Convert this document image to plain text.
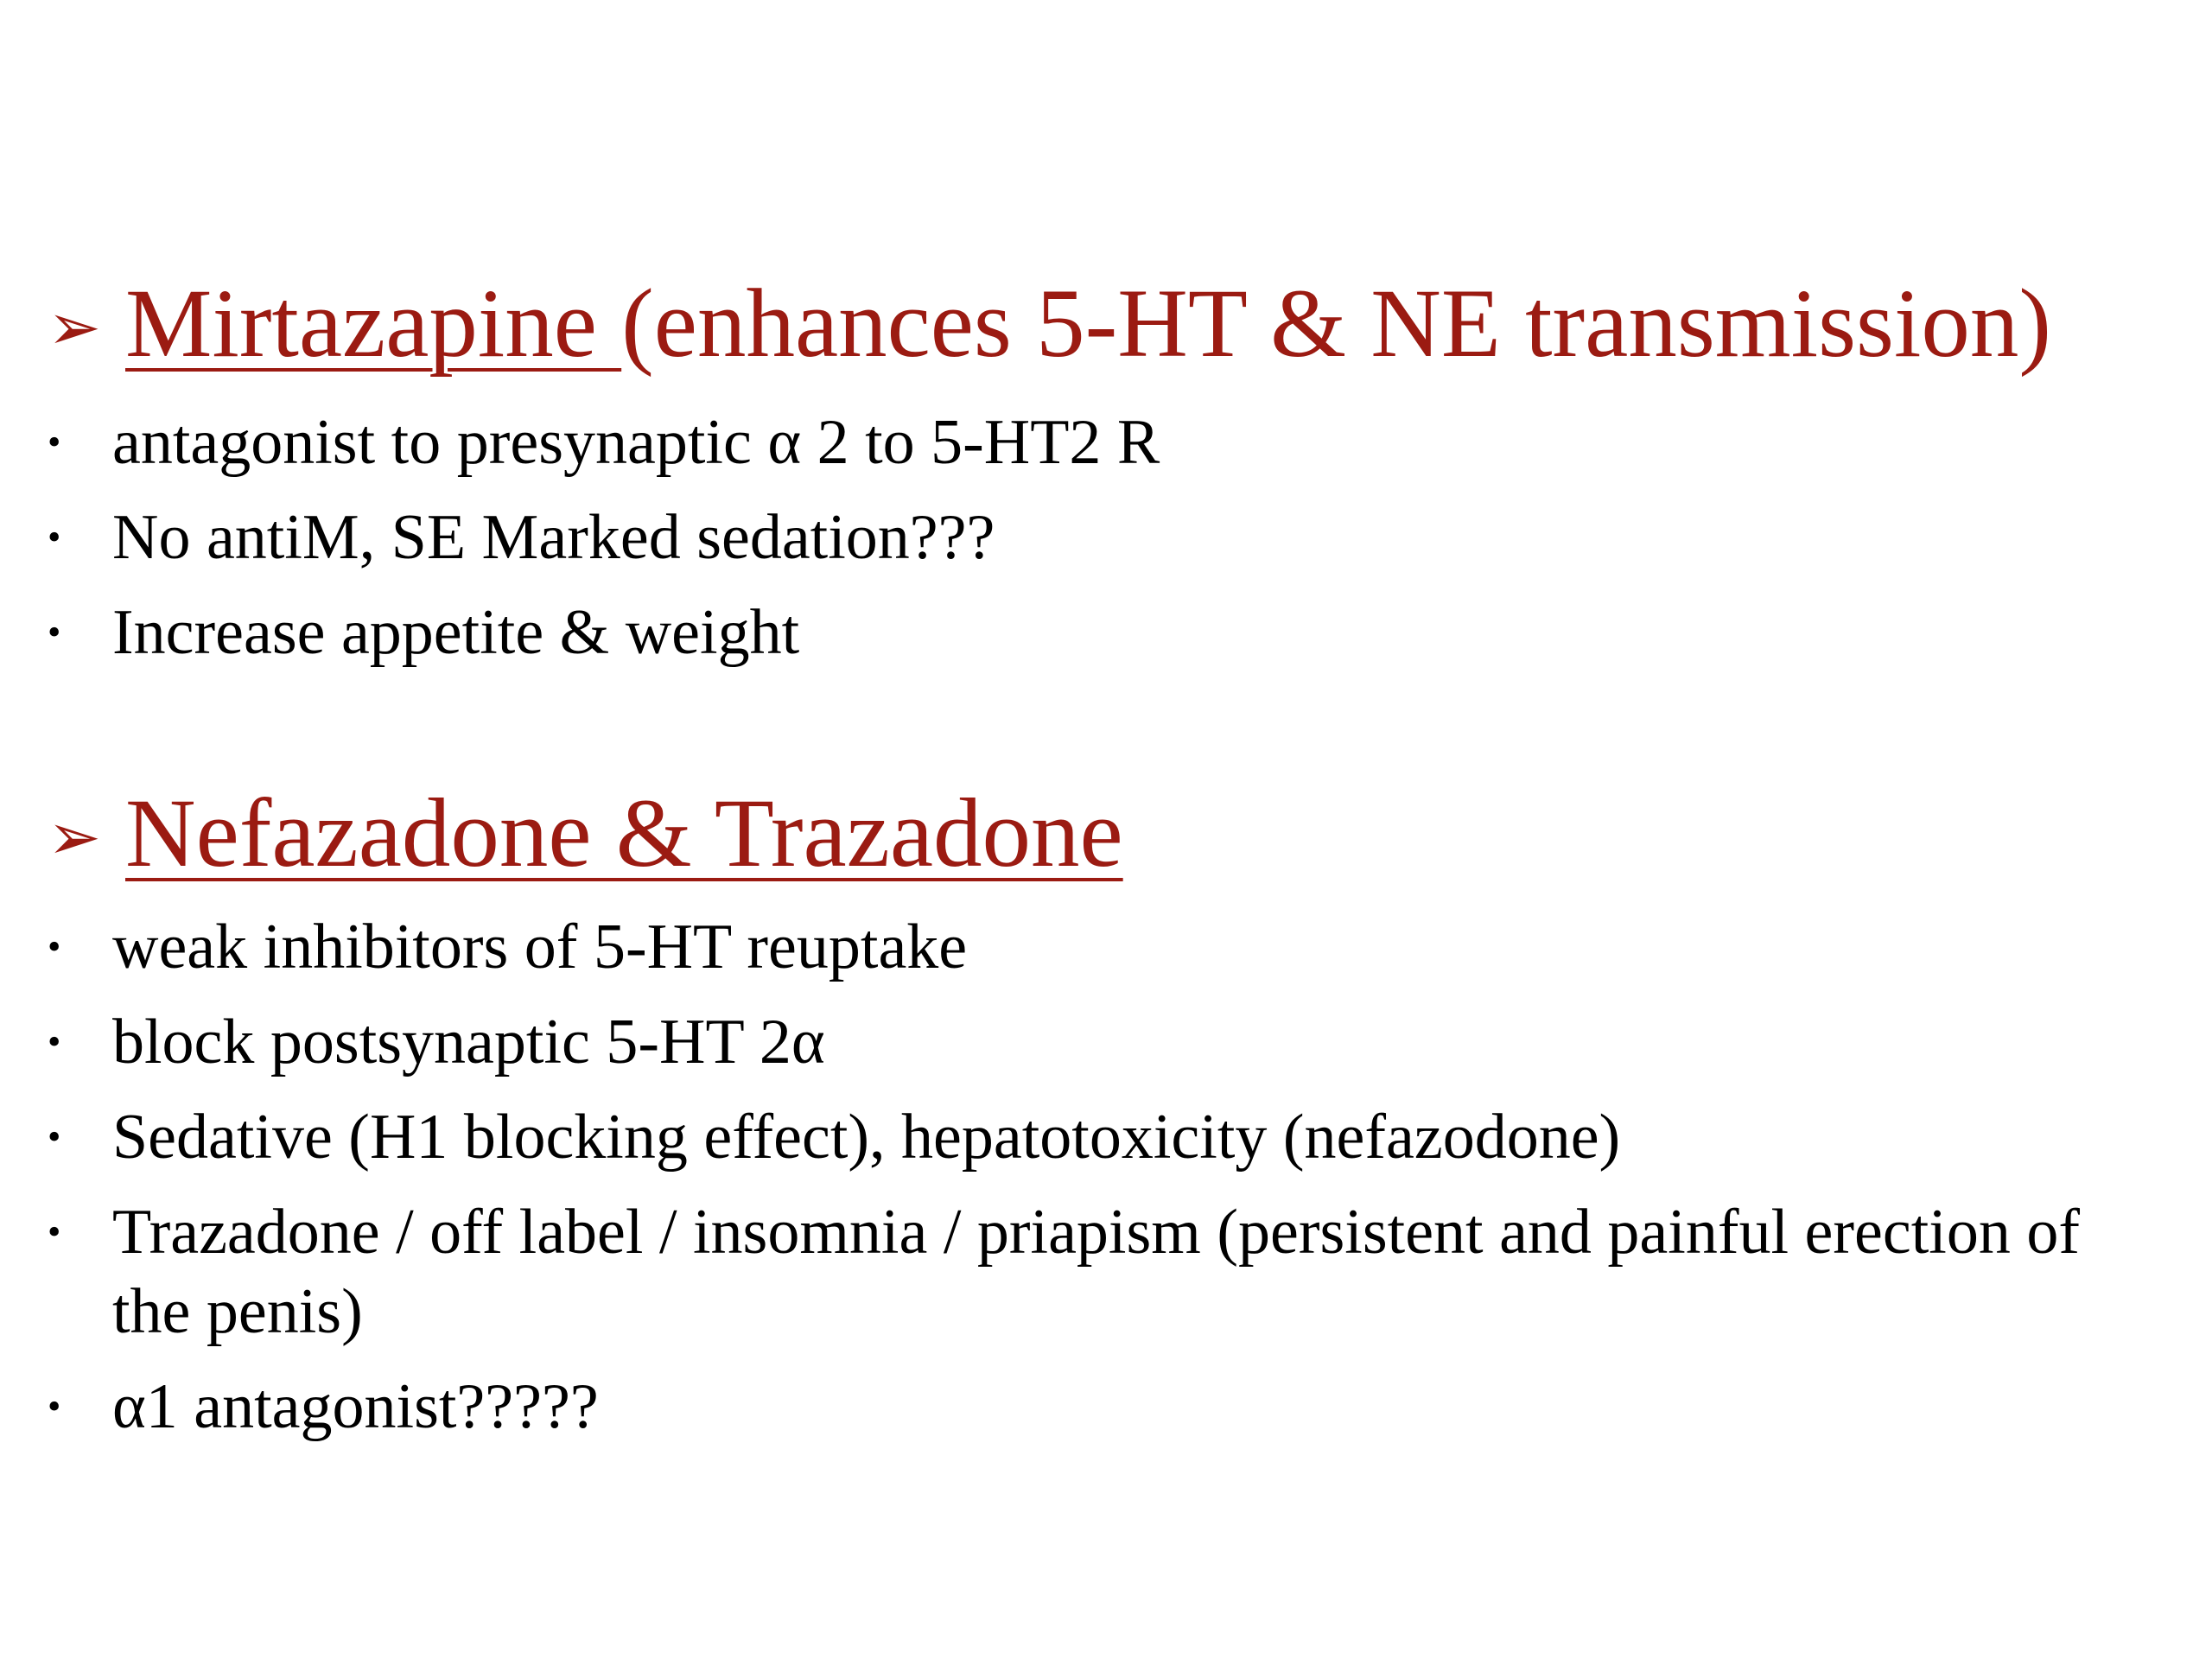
➢ Mirtazapine (enhances 5-HT & NE transmission)
• antagonist to presynaptic α 2 to 5-HT2 R
• No antiM, SE Marked sedation???
• Increase appetite & weight
➢ Nefazadone & Trazadone
• weak inhibitors of 5-HT reuptake
• block postsynaptic 5-HT 2α
• Sedative (H1 blocking effect), hepatotoxicity (nefazodone)
• Trazadone / off label / insomnia / priapism (persistent and painful erection of the penis)
• α1 antagonist?????
